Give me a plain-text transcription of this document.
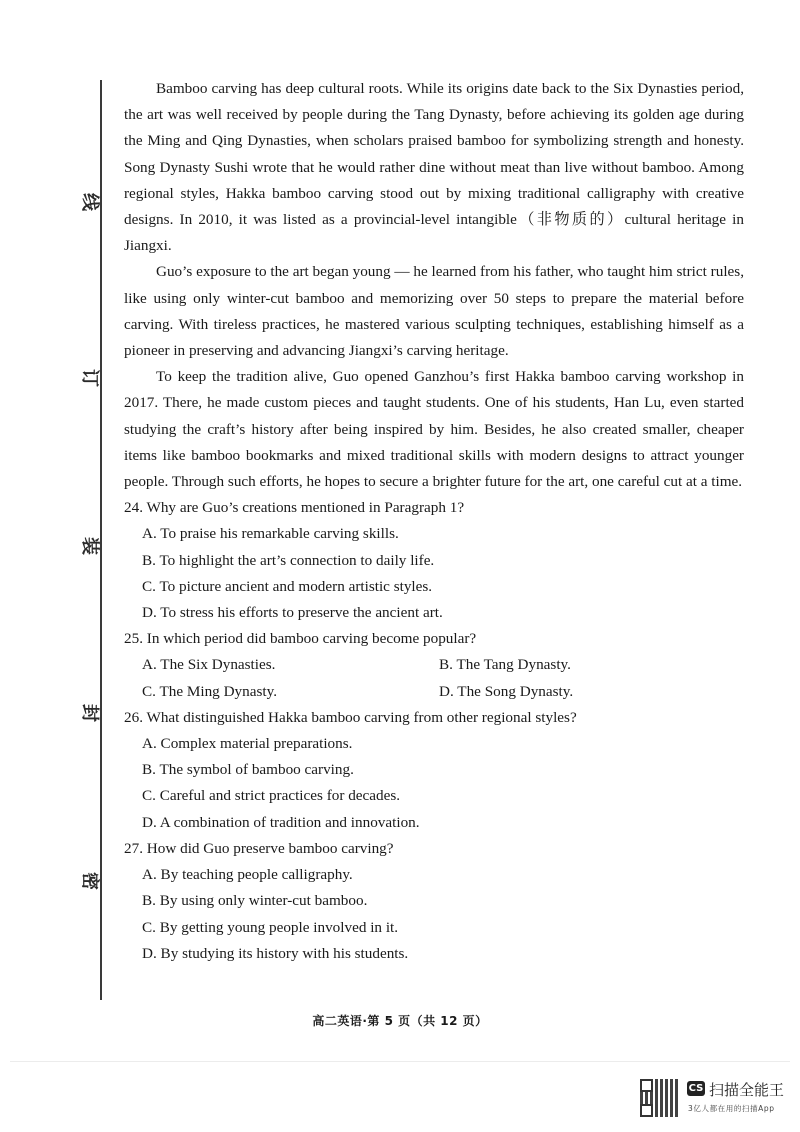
线
订
装
封
密

Bamboo carving has deep cultural roots. While its origins date back to the Six Dynasties period, the art was well received by people during the Tang Dynasty, before achieving its golden age during the Ming and Qing Dynasties, when scholars praised bamboo for symbolizing strength and honesty. Song Dynasty Sushi wrote that he would rather dine without meat than live without bamboo. Among regional styles, Hakka bamboo carving stood out by mixing traditional calligraphy with creative designs. In 2010, it was listed as a provincial-level intangible（非物质的）cultural heritage in Jiangxi.

Guo’s exposure to the art began young — he learned from his father, who taught him strict rules, like using only winter-cut bamboo and memorizing over 50 steps to prepare the material before carving. With tireless practices, he mastered various sculpting techniques, establishing himself as a pioneer in preserving and advancing Jiangxi’s carving heritage.

To keep the tradition alive, Guo opened Ganzhou’s first Hakka bamboo carving workshop in 2017. There, he made custom pieces and taught students. One of his students, Han Lu, even started studying the craft’s history after being inspired by him. Besides, he also created smaller, cheaper items like bamboo bookmarks and mixed traditional skills with modern designs to attract younger people. Through such efforts, he hopes to secure a brighter future for the art, one careful cut at a time.

24. Why are Guo’s creations mentioned in Paragraph 1?

A. To praise his remarkable carving skills.

B. To highlight the art’s connection to daily life.

C. To picture ancient and modern artistic styles.

D. To stress his efforts to preserve the ancient art.

25. In which period did bamboo carving become popular?

A. The Six Dynasties.	B. The Tang Dynasty.

C. The Ming Dynasty.	D. The Song Dynasty.

26. What distinguished Hakka bamboo carving from other regional styles?

A. Complex material preparations.

B. The symbol of bamboo carving.

C. Careful and strict practices for decades.

D. A combination of tradition and innovation.

27. How did Guo preserve bamboo carving?

A. By teaching people calligraphy.

B. By using only winter-cut bamboo.

C. By getting young people involved in it.

D. By studying its history with his students.

高二英语·第 5 页（共 12 页）
CS 扫描全能王
3亿人都在用的扫描App
